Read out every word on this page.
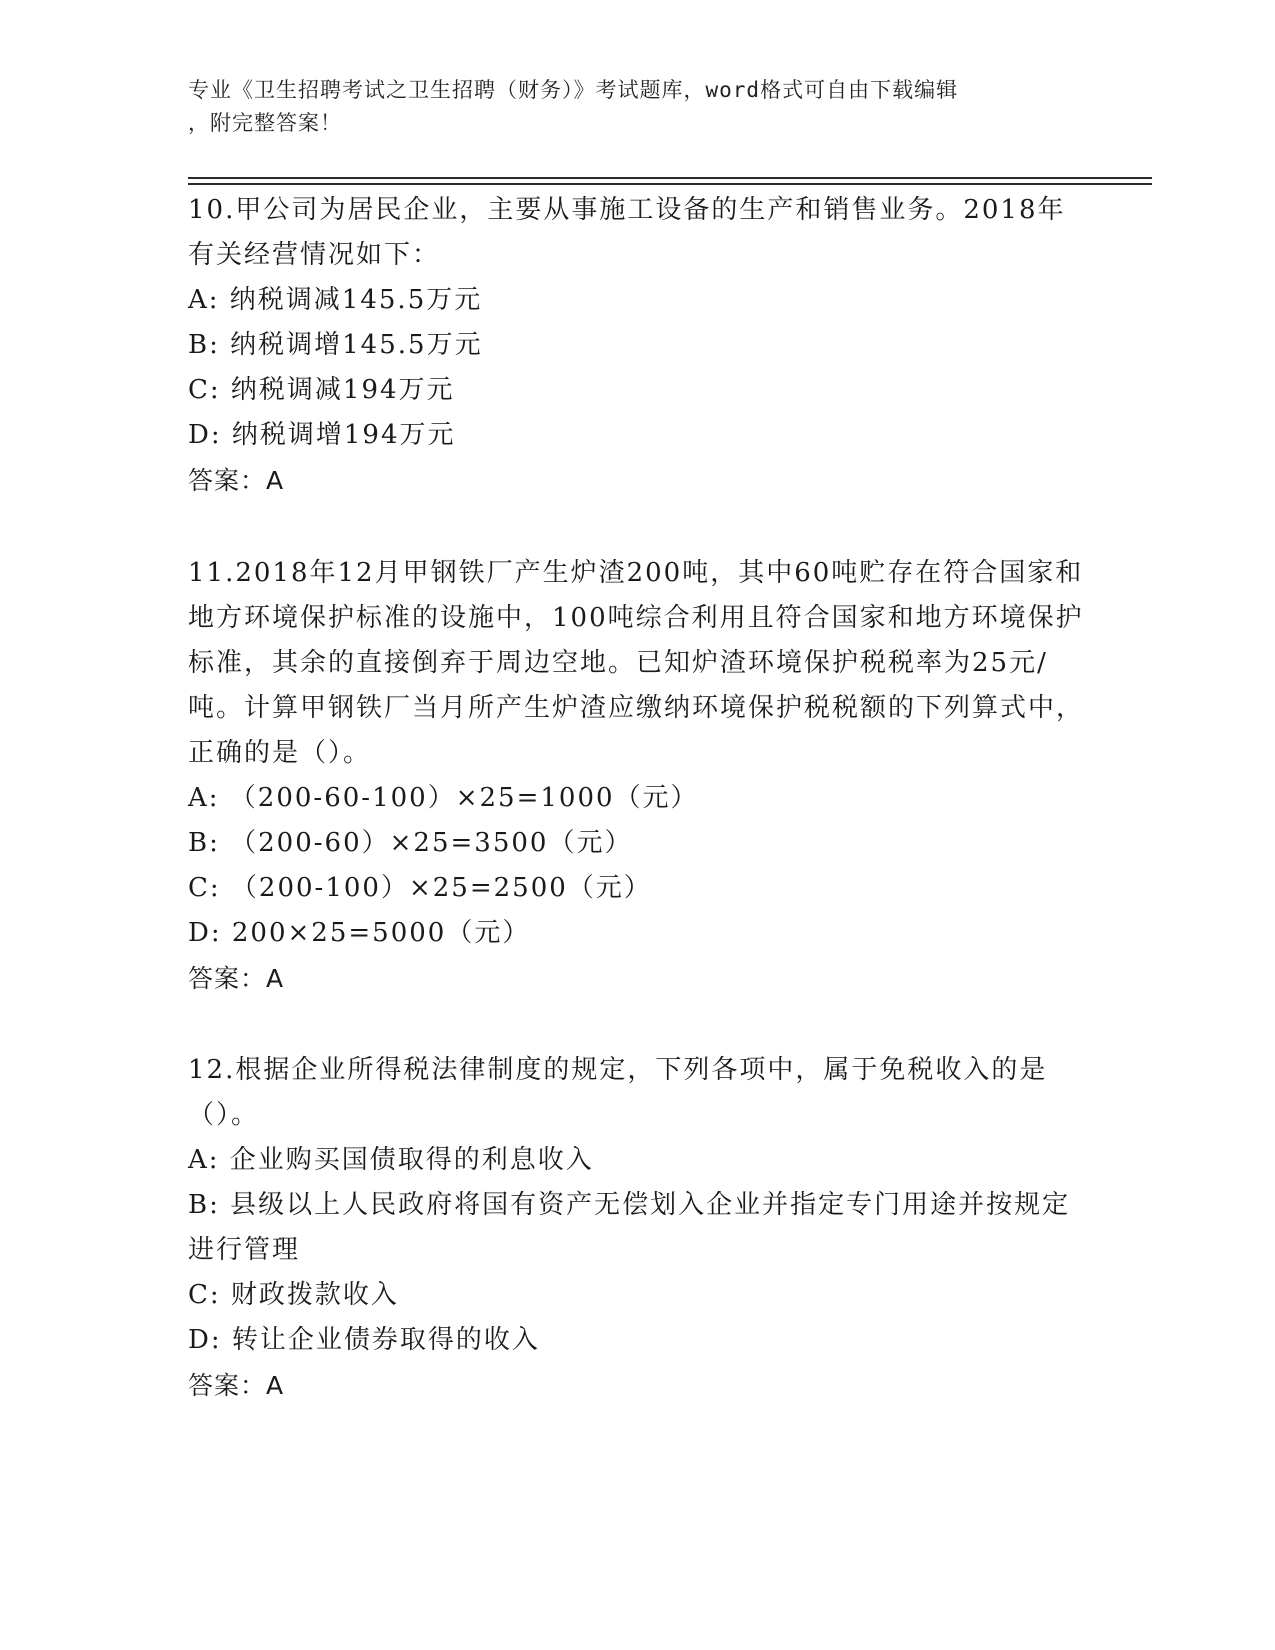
专业《卫生招聘考试之卫生招聘（财务）》考试题库，word格式可自由下载编辑

，附完整答案！

10.甲公司为居民企业，主要从事施工设备的生产和销售业务。2018年有关经营情况如下：

A: 纳税调减145.5万元

B: 纳税调增145.5万元

C: 纳税调减194万元

D: 纳税调增194万元

答案：A

11.2018年12月甲钢铁厂产生炉渣200吨，其中60吨贮存在符合国家和地方环境保护标准的设施中，100吨综合利用且符合国家和地方环境保护标准，其余的直接倒弃于周边空地。已知炉渣环境保护税税率为25元/吨。计算甲钢铁厂当月所产生炉渣应缴纳环境保护税税额的下列算式中，正确的是（）。

A: （200-60-100）×25=1000（元）

B: （200-60）×25=3500（元）

C: （200-100）×25=2500（元）

D: 200×25=5000（元）

答案：A

12.根据企业所得税法律制度的规定，下列各项中，属于免税收入的是（）。

A: 企业购买国债取得的利息收入

B: 县级以上人民政府将国有资产无偿划入企业并指定专门用途并按规定进行管理

C: 财政拨款收入

D: 转让企业债券取得的收入

答案：A
